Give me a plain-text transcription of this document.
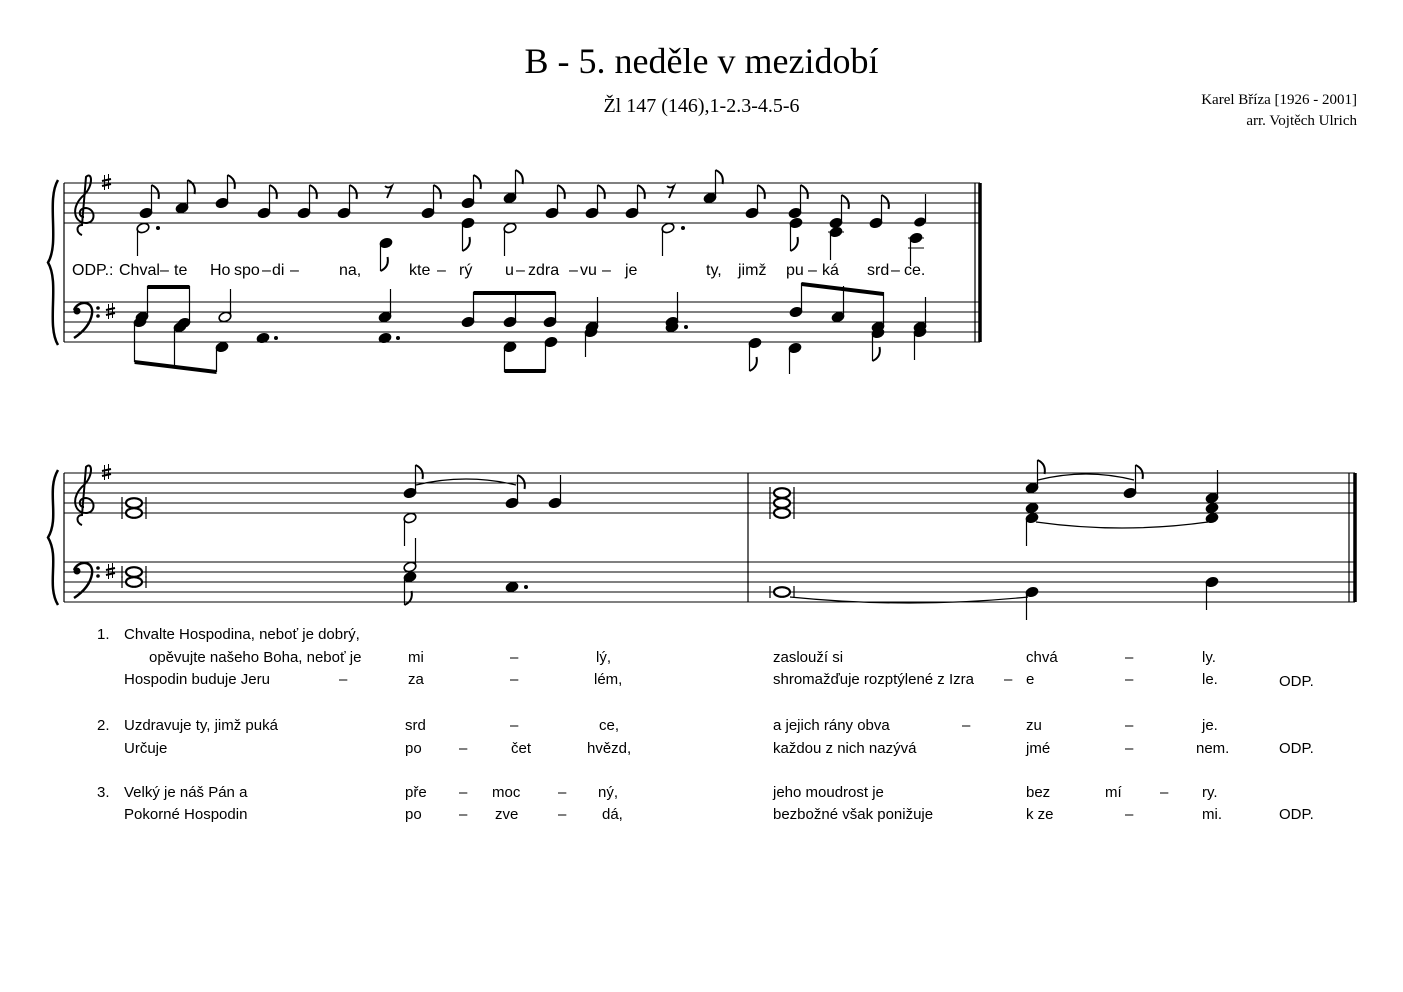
B - 5. neděle v mezidobí
Žl 147 (146),1-2.3-4.5-6	Karel Bříza [1926 - 2001]
arr. Vojtěch Ulrich
ODP.: Chval – te Ho spo – di –	na,	kte – rý u – zdra – vu – je	ty, jimž pu – ká srd – ce.
1. Chvalte Hospodina, neboť je dobrý,
opěvujte našeho Boha, neboť je	mi	–	lý,	zaslouží si	chvá	–	ly.
Hospodin buduje Jeru	–	za	–	lém,	shromažďuje rozptýlené z Izra – e	–	le.	ODP.
2. Uzdravuje ty, jimž puká	srd	–	ce,	a jejich rány obva	–	zu	–	je.
Určuje	po –	čet	hvězd,	každou z nich nazývá	jmé	–	nem.	ODP.
3. Velký je náš Pán a	pře – moc	– ný,	jeho moudrost je	bez	mí	– ry.
Pokorné Hospodin	po – zve	– dá,	bezbožné však ponižuje	k ze	–	mi.	ODP.
